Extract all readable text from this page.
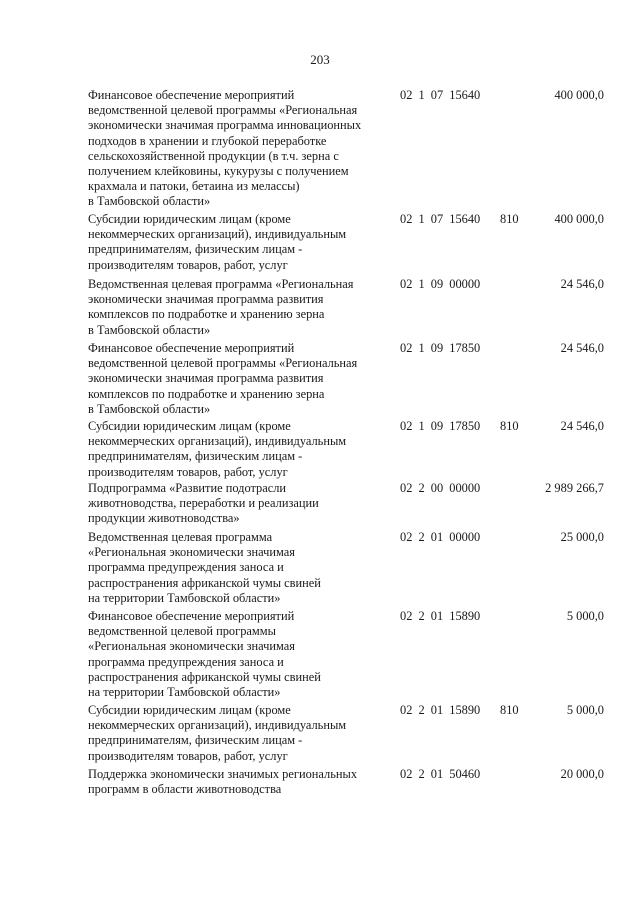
203
Финансовое обеспечение мероприятий
ведомственной целевой программы «Региональная
экономически значимая программа инновационных
подходов в хранении и глубокой переработке
сельскохозяйственной продукции (в т.ч. зерна с
получением клейковины, кукурузы с получением
крахмала и патоки, бетаина из мелассы)
в Тамбовской области»
02 1 07 15640	400 000,0
Субсидии юридическим лицам (кроме
некоммерческих организаций), индивидуальным
предпринимателям, физическим лицам -
производителям товаров, работ, услуг
02 1 07 15640 810	400 000,0
Ведомственная целевая программа «Региональная
экономически значимая программа развития
комплексов по подработке и хранению зерна
в Тамбовской области»
02 1 09 00000	24 546,0
Финансовое обеспечение мероприятий
ведомственной целевой программы «Региональная
экономически значимая программа развития
комплексов по подработке и хранению зерна
в Тамбовской области»
02 1 09 17850	24 546,0
Субсидии юридическим лицам (кроме
некоммерческих организаций), индивидуальным
предпринимателям, физическим лицам -
производителям товаров, работ, услуг
02 1 09 17850 810	24 546,0
Подпрограмма «Развитие подотрасли
животноводства, переработки и реализации
продукции животноводства»
02 2 00 00000	2 989 266,7
Ведомственная целевая программа
«Региональная экономически значимая
программа предупреждения заноса и
распространения африканской чумы свиней
на территории Тамбовской области»
02 2 01 00000	25 000,0
Финансовое обеспечение мероприятий
ведомственной целевой программы
«Региональная экономически значимая
программа предупреждения заноса и
распространения африканской чумы свиней
на территории Тамбовской области»
02 2 01 15890	5 000,0
Субсидии юридическим лицам (кроме
некоммерческих организаций), индивидуальным
предпринимателям, физическим лицам -
производителям товаров, работ, услуг
02 2 01 15890 810	5 000,0
Поддержка экономически значимых региональных
программ в области животноводства
02 2 01 50460	20 000,0
